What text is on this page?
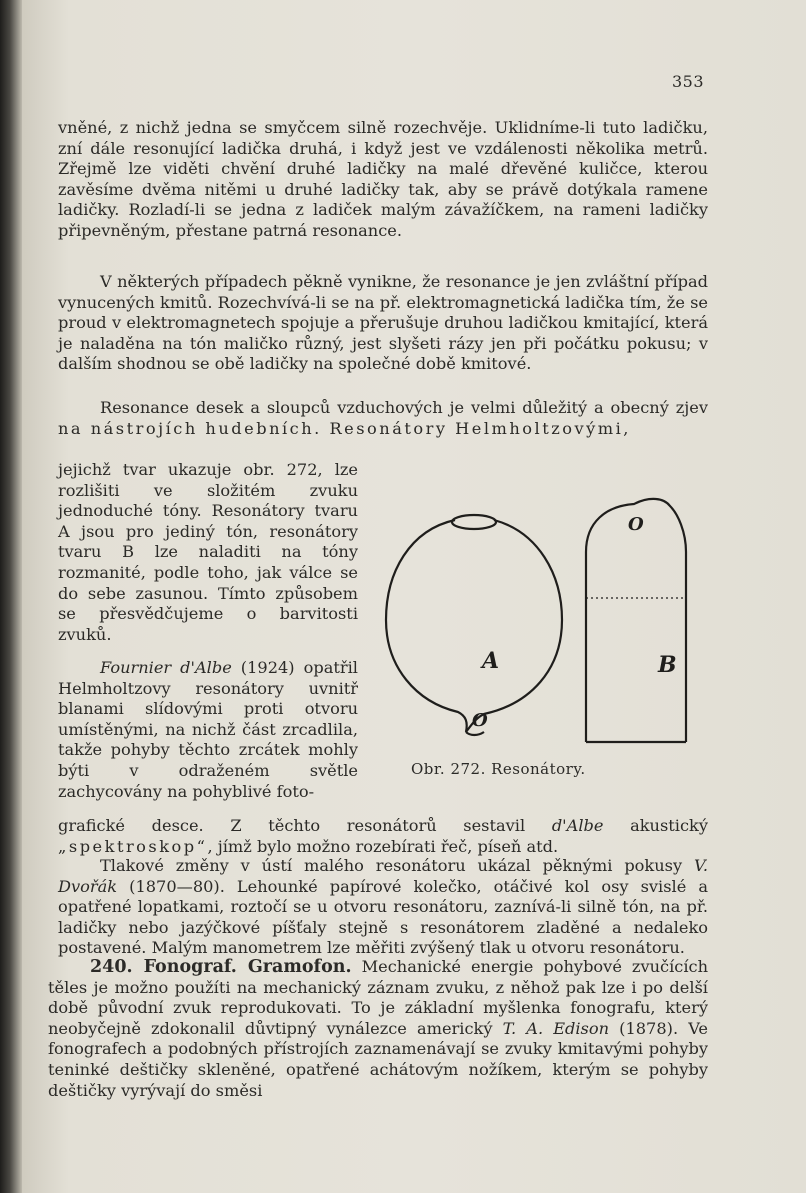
353

vněné, z nichž jedna se smyčcem silně rozechvěje. Uklidníme-li tuto ladičku, zní dále resonující ladička druhá, i když jest ve vzdálenosti několika metrů. Zřejmě lze viděti chvění druhé ladičky na malé dřevěné kuličce, kterou zavěsíme dvěma nitěmi u druhé ladičky tak, aby se právě dotýkala ramene ladičky. Rozladí-li se jedna z ladiček malým závažíčkem, na rameni ladičky připevněným, přestane patrná resonance.

V některých případech pěkně vynikne, že resonance je jen zvláštní případ vynucených kmitů. Rozechvívá-li se na př. elektromagnetická ladička tím, že se proud v elektromagnetech spojuje a přerušuje druhou ladičkou kmitající, která je naladěna na tón maličko různý, jest slyšeti rázy jen při počátku pokusu; v dalším shodnou se obě ladičky na společné době kmitové.

Resonance desek a sloupců vzduchových je velmi důležitý a obecný zjev na nástrojích hudebních. Resonátory Helmholtzovými,

jejichž tvar ukazuje obr. 272, lze rozlišiti ve složitém zvuku jednoduché tóny. Resonátory tvaru A jsou pro jediný tón, resonátory tvaru B lze naladiti na tóny rozmanité, podle toho, jak válce se do sebe zasunou. Tímto způsobem se přesvědčujeme o barvitosti zvuků.

Fournier d'Albe (1924) opatřil Helmholtzovy resonátory uvnitř blanami slídovými proti otvoru umístěnými, na nichž část zrcadlila, takže pohyby těchto zrcátek mohly býti v odraženém světle zachycovány na pohyblivé foto-

grafické desce. Z těchto resonátorů sestavil d'Albe akustický „spektroskop“, jímž bylo možno rozebírati řeč, píseň atd.

Tlakové změny v ústí malého resonátoru ukázal pěknými pokusy V. Dvořák (1870—80). Lehounké papírové kolečko, otáčivé kol osy svislé a opatřené lopatkami, roztočí se u otvoru resonátoru, zaznívá-li silně tón, na př. ladičky nebo jazýčkové píšťaly stejně s resonátorem zladěné a nedaleko postavené. Malým manometrem lze měřiti zvýšený tlak u otvoru resonátoru.

240. Fonograf. Gramofon. Mechanické energie pohybové zvučících těles je možno použíti na mechanický záznam zvuku, z něhož pak lze i po delší době původní zvuk reprodukovati. To je základní myšlenka fonografu, který neobyčejně zdokonalil důvtipný vynálezce americký T. A. Edison (1878). Ve fonografech a podobných přístrojích zaznamenávají se zvuky kmitavými pohyby teninké deštičky skleněné, opatřené achátovým nožíkem, kterým se pohyby deštičky vyrývají do směsi

A
O
B
O
Obr. 272. Resonátory.
